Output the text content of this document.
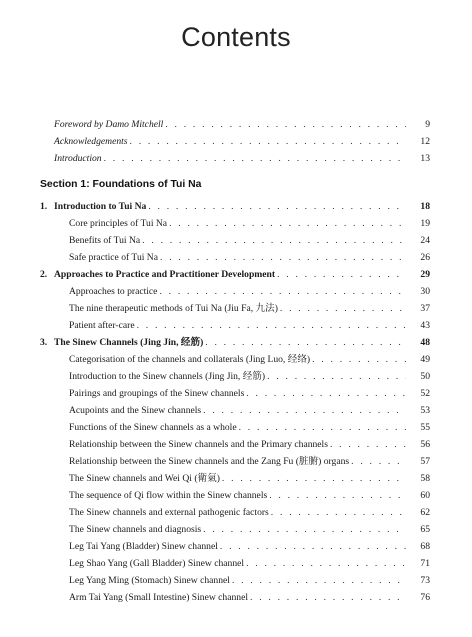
Contents
Foreword by Damo Mitchell . . .	9
Acknowledgements . . .	12
Introduction . . .	13
Section 1: Foundations of Tui Na
1. Introduction to Tui Na . . .	18
Core principles of Tui Na . . .	19
Benefits of Tui Na . . .	24
Safe practice of Tui Na . . .	26
2. Approaches to Practice and Practitioner Development . . .	29
Approaches to practice . . .	30
The nine therapeutic methods of Tui Na (Jiu Fa, 九法) . . .	37
Patient after-care . . .	43
3. The Sinew Channels (Jing Jin, 经筋) . . .	48
Categorisation of the channels and collaterals (Jing Luo, 经络) . . .	49
Introduction to the Sinew channels (Jing Jin, 经筋) . . .	50
Pairings and groupings of the Sinew channels . . .	52
Acupoints and the Sinew channels . . .	53
Functions of the Sinew channels as a whole . . .	55
Relationship between the Sinew channels and the Primary channels . . .	56
Relationship between the Sinew channels and the Zang Fu (脏腑) organs . . .	57
The Sinew channels and Wei Qi (衛氣) . . .	58
The sequence of Qi flow within the Sinew channels . . .	60
The Sinew channels and external pathogenic factors . . .	62
The Sinew channels and diagnosis . . .	65
Leg Tai Yang (Bladder) Sinew channel . . .	68
Leg Shao Yang (Gall Bladder) Sinew channel . . .	71
Leg Yang Ming (Stomach) Sinew channel . . .	73
Arm Tai Yang (Small Intestine) Sinew channel . . .	76
